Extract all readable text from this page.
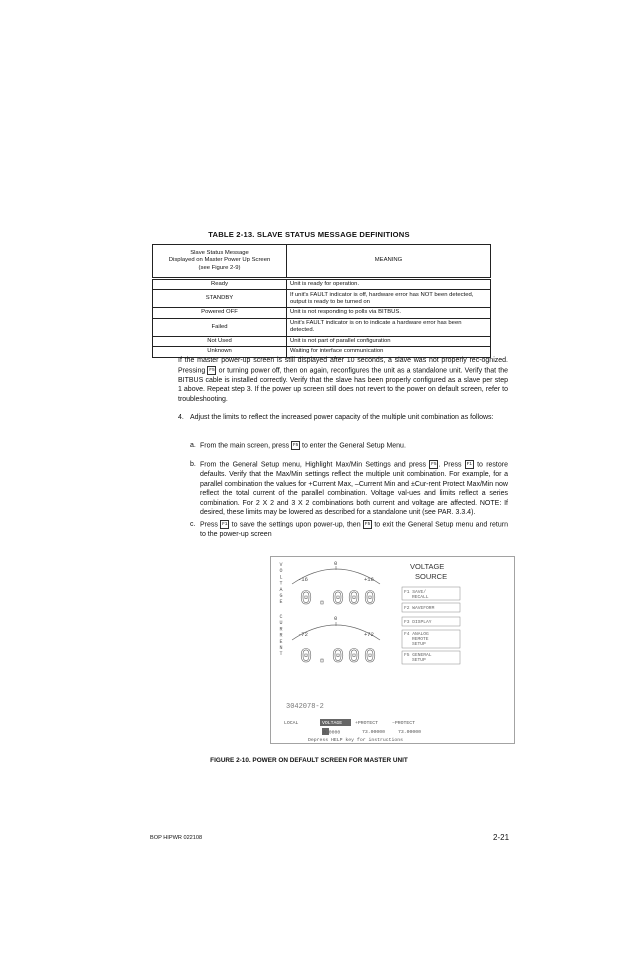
TABLE 2-13. SLAVE STATUS MESSAGE DEFINITIONS
Slave Status Message
Displayed on Master Power Up Screen
(see Figure 2-9)	MEANING

Ready	Unit is ready for operation.
STANDBY	If unit's FAULT indicator is off, hardware error has NOT been detected, output is ready to be turned on
Powered OFF	Unit is not responding to polls via BITBUS.
Failed	Unit's FAULT indicator is on to indicate a hardware error has been detected.
Not Used	Unit is not part of parallel configuration
Unknown	Waiting for interface communication
If the master power-up screen is still displayed after 10 seconds, a slave was not properly rec-ognized. Pressing F5 or turning power off, then on again, reconfigures the unit as a standalone unit. Verify that the BITBUS cable is installed correctly. Verify that the slave has been properly configured as a slave per step 1 above. Repeat step 3. If the power up screen still does not revert to the power on default screen, refer to troubleshooting.
4. Adjust the limits to reflect the increased power capacity of the multiple unit combination as follows:
a. From the main screen, press F5 to enter the General Setup Menu.
b. From the General Setup menu, Highlight Max/Min Settings and press F5 . Press F1 to restore defaults. Verify that the Max/Min settings reflect the multiple unit combination. For example, for a parallel combination the values for +Current Max, –Current Min and ±Cur-rent Protect Max/Min now reflect the total current of the parallel combination. Voltage val-ues and limits reflect a series combination. For 2 X 2 and 3 X 2 combinations both current and voltage are affected. NOTE: If desired, these limits may be lowered as described for a standalone unit (see PAR. 3.3.4).
c. Press F1 to save the settings upon power-up, then F5 to exit the General Setup menu and return to the power-up screen
V O L T A G E
C U R R E N T
-16
0
+16
0.000
-72
0
+72
0.000
VOLTAGE
SOURCE
F1 SAVE/
RECALL
F2 WAVEFORM
F3 DISPLAY
F4 ANALOG
REMOTE
SETUP
F5 GENERAL
SETUP
LOCAL	VOLTAGE
0.0000
+PROTECT
73.00000
–PROTECT
73.00000
Depress HELP key for instructions
3042078-2
FIGURE 2-10. POWER ON DEFAULT SCREEN FOR MASTER UNIT
BOP HIPWR 022108	2-21
